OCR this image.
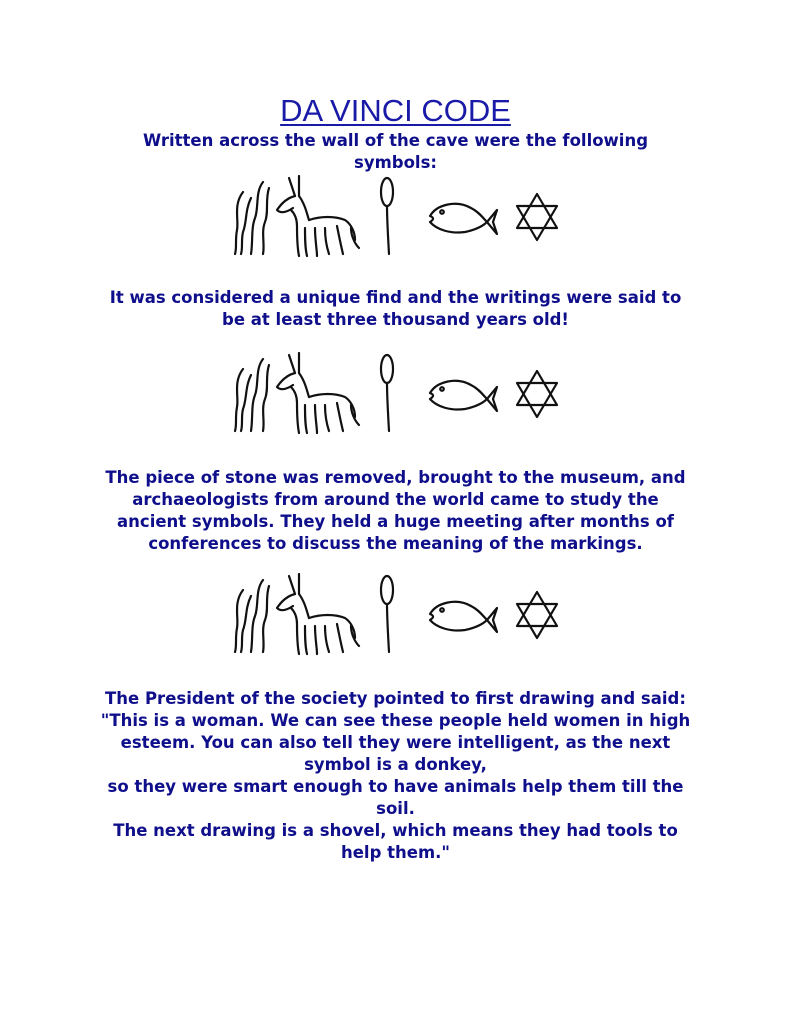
DA VINCI CODE
Written across the wall of the cave were the following symbols:
It was considered a unique find and the writings were said to
be at least three thousand years old!
The piece of stone was removed, brought to the museum, and
archaeologists from around the world came to study the
ancient symbols. They held a huge meeting after months of
conferences to discuss the meaning of the markings.
The President of the society pointed to first drawing and said:
"This is a woman. We can see these people held women in high
esteem. You can also tell they were intelligent, as the next
symbol is a donkey,
so they were smart enough to have animals help them till the
soil.
The next drawing is a shovel, which means they had tools to
help them."
